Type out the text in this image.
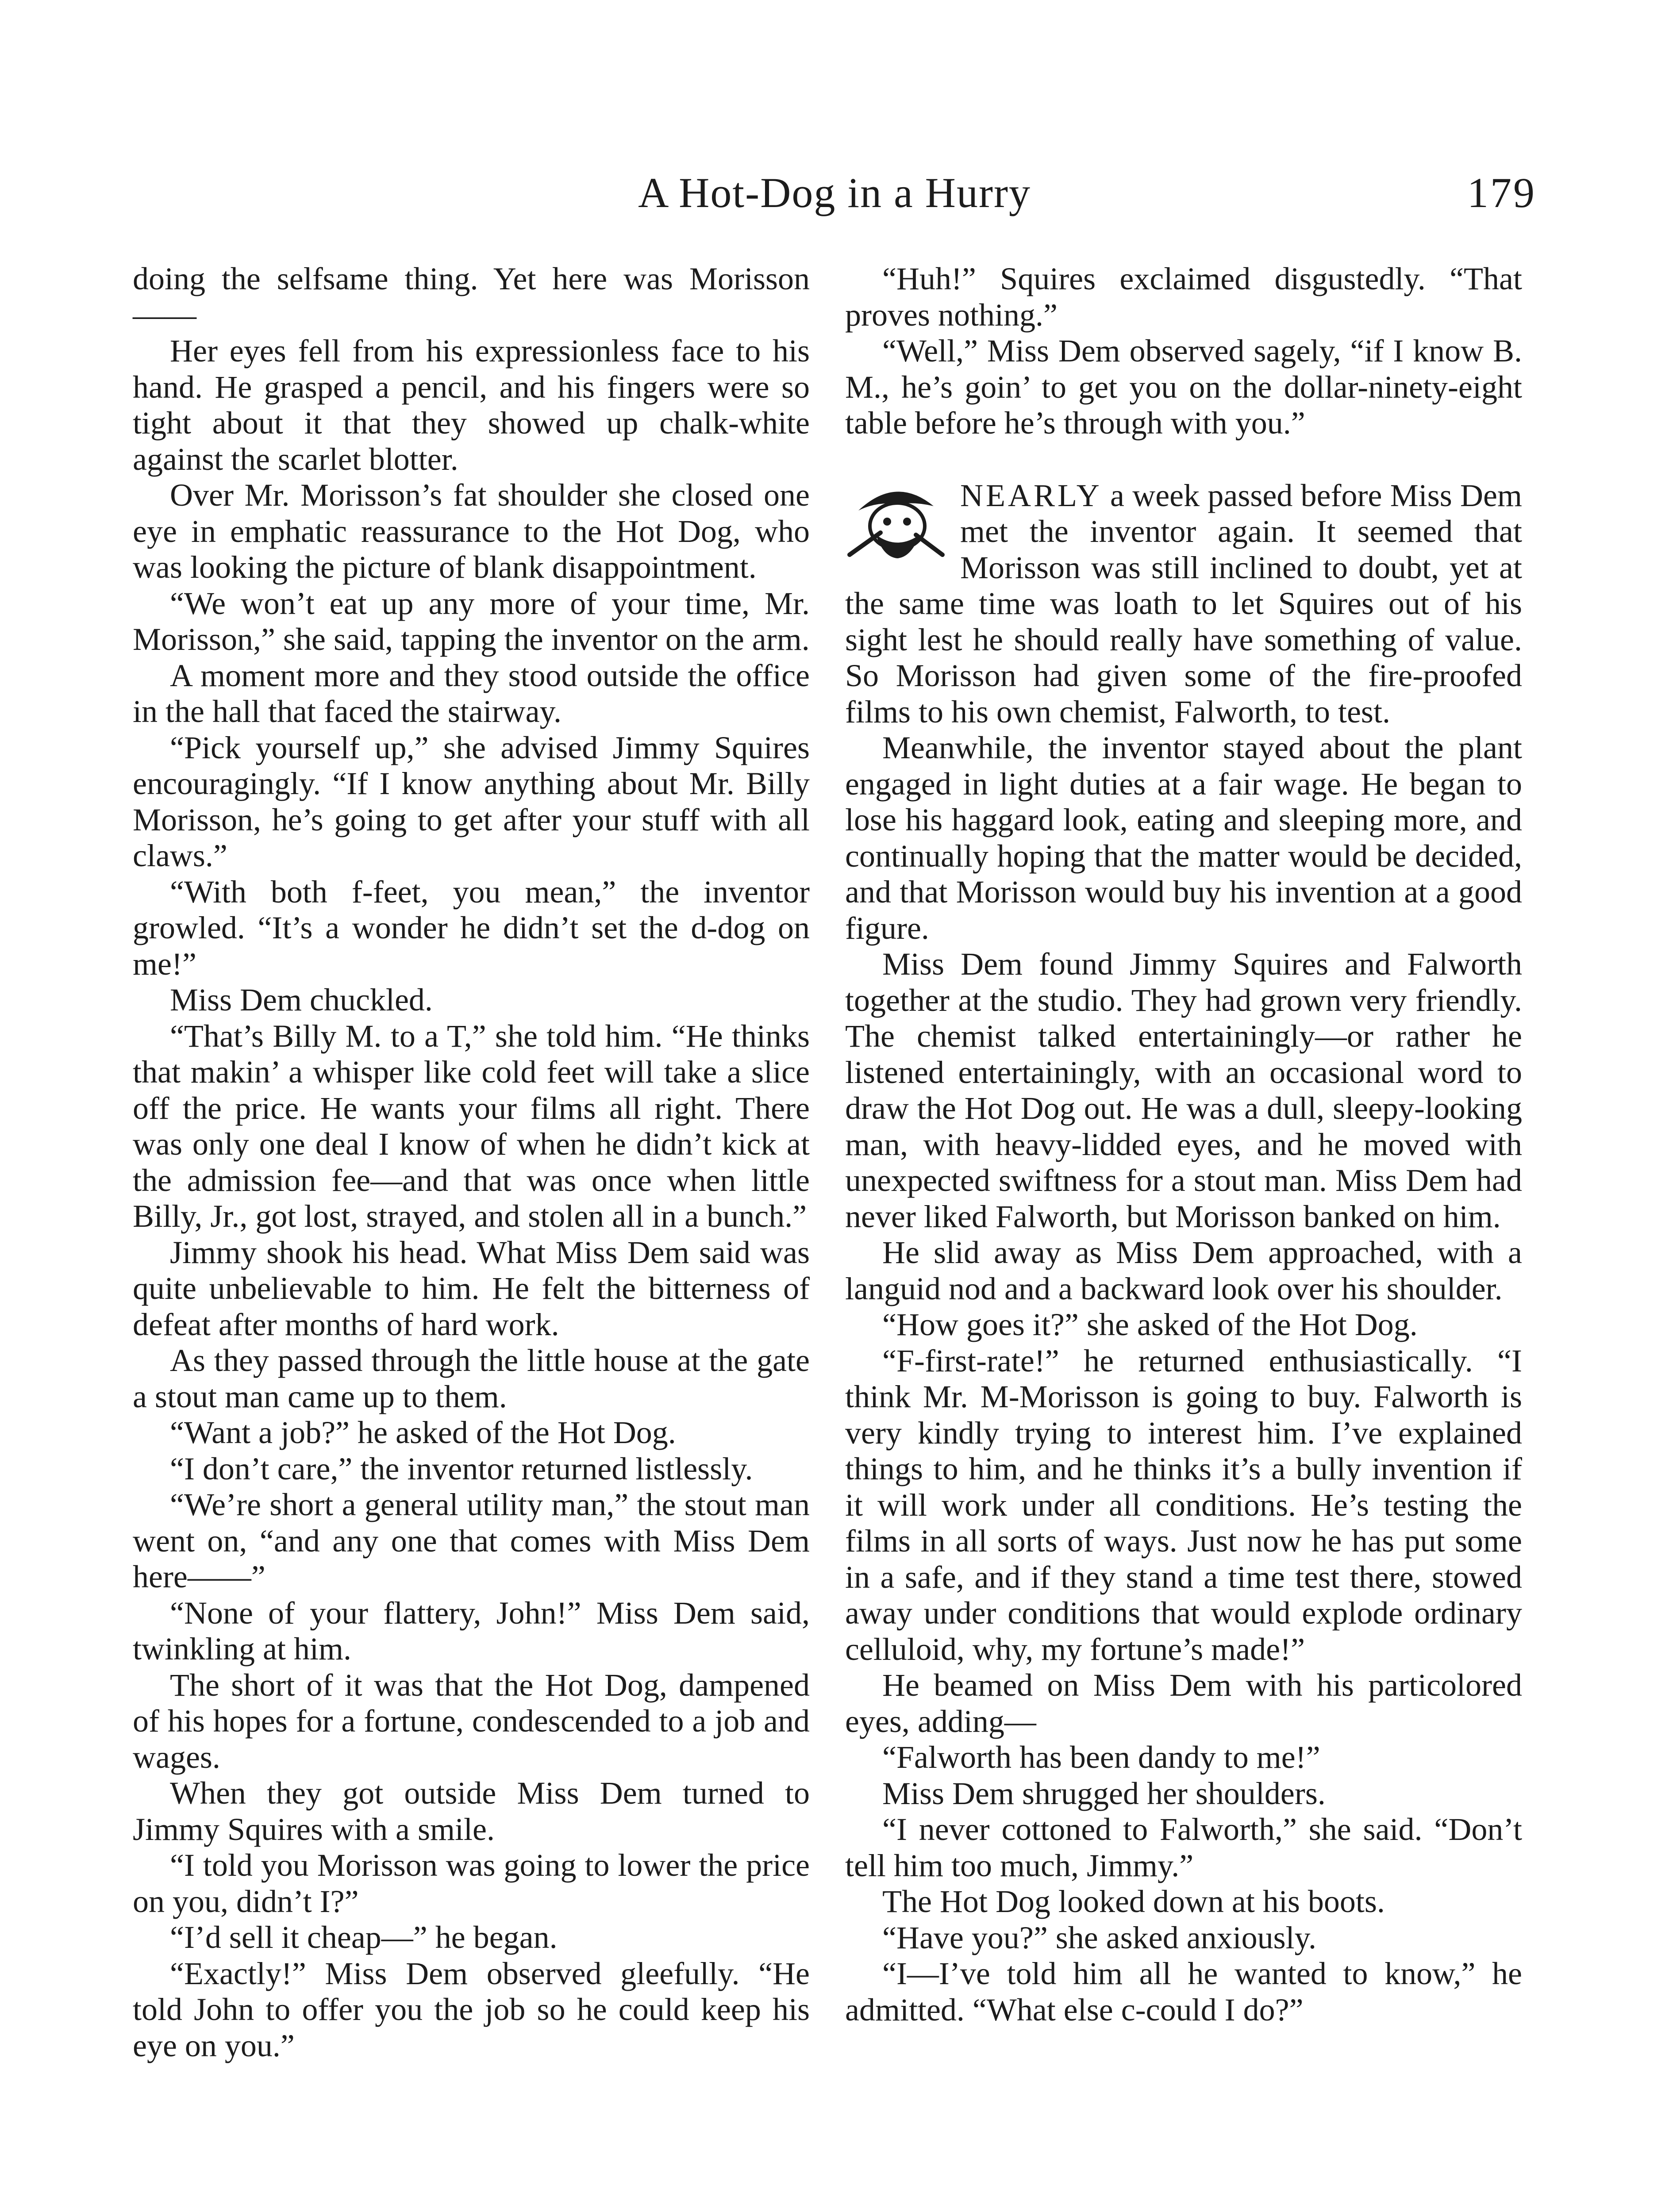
A Hot-Dog in a Hurry	179

doing the selfsame thing. Yet here was Morisson——

Her eyes fell from his expressionless face to his hand. He grasped a pencil, and his fingers were so tight about it that they showed up chalk-white against the scarlet blotter.

Over Mr. Morisson’s fat shoulder she closed one eye in emphatic reassurance to the Hot Dog, who was looking the picture of blank disappointment.

“We won’t eat up any more of your time, Mr. Morisson,” she said, tapping the inventor on the arm.

A moment more and they stood outside the office in the hall that faced the stairway.

“Pick yourself up,” she advised Jimmy Squires encouragingly. “If I know anything about Mr. Billy Morisson, he’s going to get after your stuff with all claws.”

“With both f-feet, you mean,” the inventor growled. “It’s a wonder he didn’t set the d-dog on me!”

Miss Dem chuckled.

“That’s Billy M. to a T,” she told him. “He thinks that makin’ a whisper like cold feet will take a slice off the price. He wants your films all right. There was only one deal I know of when he didn’t kick at the admission fee—and that was once when little Billy, Jr., got lost, strayed, and stolen all in a bunch.”

Jimmy shook his head. What Miss Dem said was quite unbelievable to him. He felt the bitterness of defeat after months of hard work.

As they passed through the little house at the gate a stout man came up to them.

“Want a job?” he asked of the Hot Dog.

“I don’t care,” the inventor returned listlessly.

“We’re short a general utility man,” the stout man went on, “and any one that comes with Miss Dem here——”

“None of your flattery, John!” Miss Dem said, twinkling at him.

The short of it was that the Hot Dog, dampened of his hopes for a fortune, condescended to a job and wages.

When they got outside Miss Dem turned to Jimmy Squires with a smile.

“I told you Morisson was going to lower the price on you, didn’t I?”

“I’d sell it cheap—” he began.

“Exactly!” Miss Dem observed gleefully. “He told John to offer you the job so he could keep his eye on you.”

“Huh!” Squires exclaimed disgustedly. “That proves nothing.”

“Well,” Miss Dem observed sagely, “if I know B. M., he’s goin’ to get you on the dollar-ninety-eight table before he’s through with you.”

NEARLY a week passed before Miss Dem met the inventor again. It seemed that Morisson was still inclined to doubt, yet at the same time was loath to let Squires out of his sight lest he should really have something of value. So Morisson had given some of the fire-proofed films to his own chemist, Falworth, to test.

Meanwhile, the inventor stayed about the plant engaged in light duties at a fair wage. He began to lose his haggard look, eating and sleeping more, and continually hoping that the matter would be decided, and that Morisson would buy his invention at a good figure.

Miss Dem found Jimmy Squires and Falworth together at the studio. They had grown very friendly. The chemist talked entertainingly—or rather he listened entertainingly, with an occasional word to draw the Hot Dog out. He was a dull, sleepy-looking man, with heavy-lidded eyes, and he moved with unexpected swiftness for a stout man. Miss Dem had never liked Falworth, but Morisson banked on him.

He slid away as Miss Dem approached, with a languid nod and a backward look over his shoulder.

“How goes it?” she asked of the Hot Dog.

“F-first-rate!” he returned enthusiastically. “I think Mr. M-Morisson is going to buy. Falworth is very kindly trying to interest him. I’ve explained things to him, and he thinks it’s a bully invention if it will work under all conditions. He’s testing the films in all sorts of ways. Just now he has put some in a safe, and if they stand a time test there, stowed away under conditions that would explode ordinary celluloid, why, my fortune’s made!”

He beamed on Miss Dem with his particolored eyes, adding—

“Falworth has been dandy to me!”

Miss Dem shrugged her shoulders.

“I never cottoned to Falworth,” she said. “Don’t tell him too much, Jimmy.”

The Hot Dog looked down at his boots.

“Have you?” she asked anxiously.

“I—I’ve told him all he wanted to know,” he admitted. “What else c-could I do?”
